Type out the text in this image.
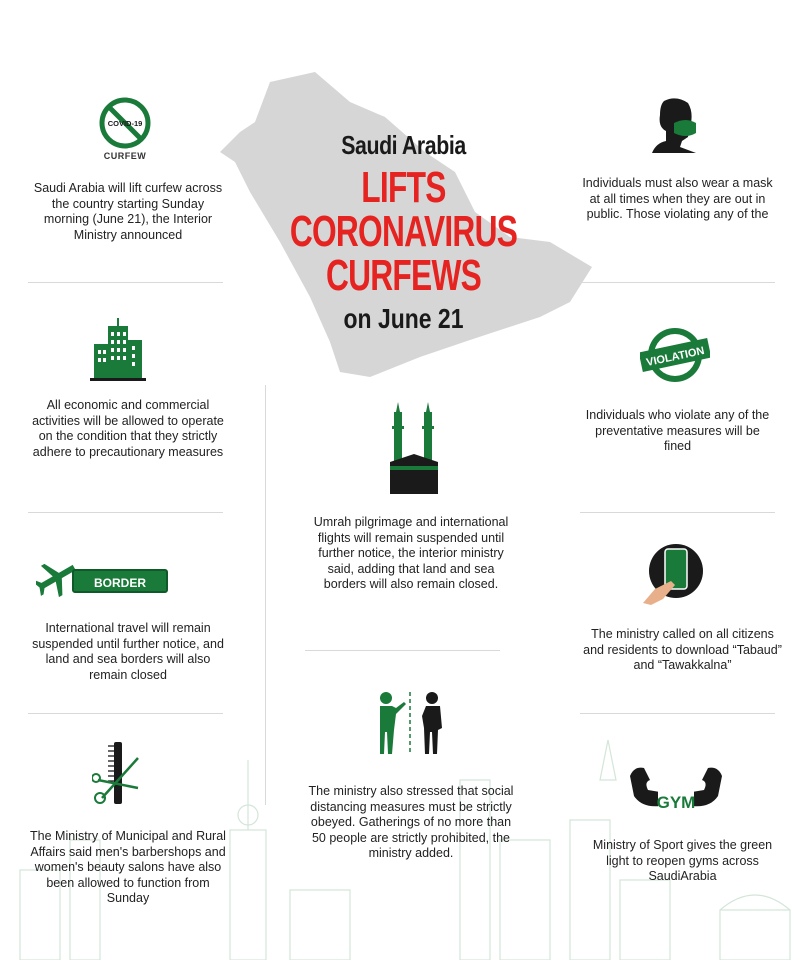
Saudi Arabia
LIFTS
CORONAVIRUS
CURFEWS
on June 21
COVID-19
CURFEW
Saudi Arabia will lift curfew across the country starting Sunday morning (June 21), the Interior Ministry announced
All economic and commercial activities will be allowed to operate on the condition that they strictly adhere to precautionary measures
BORDER CLOSED
International travel will remain suspended until further notice, and land and sea borders will also remain closed
The Ministry of Municipal and Rural Affairs said men's barbershops and women's beauty salons have also been allowed to function from Sunday
Umrah pilgrimage and international flights will remain suspended until further notice, the interior ministry said, adding that land and sea borders will also remain closed.
The ministry also stressed that social distancing measures must be strictly obeyed. Gatherings of no more than 50 people are strictly prohibited, the ministry added.
Individuals must also wear a mask at all times when they are out in public. Those violating any of the
VIOLATION
Individuals who violate any of the preventative measures will be fined
The ministry called on all citizens and residents to download “Tabaud” and “Tawakkalna”
GYM
Ministry of Sport gives the green light to reopen gyms across SaudiArabia
